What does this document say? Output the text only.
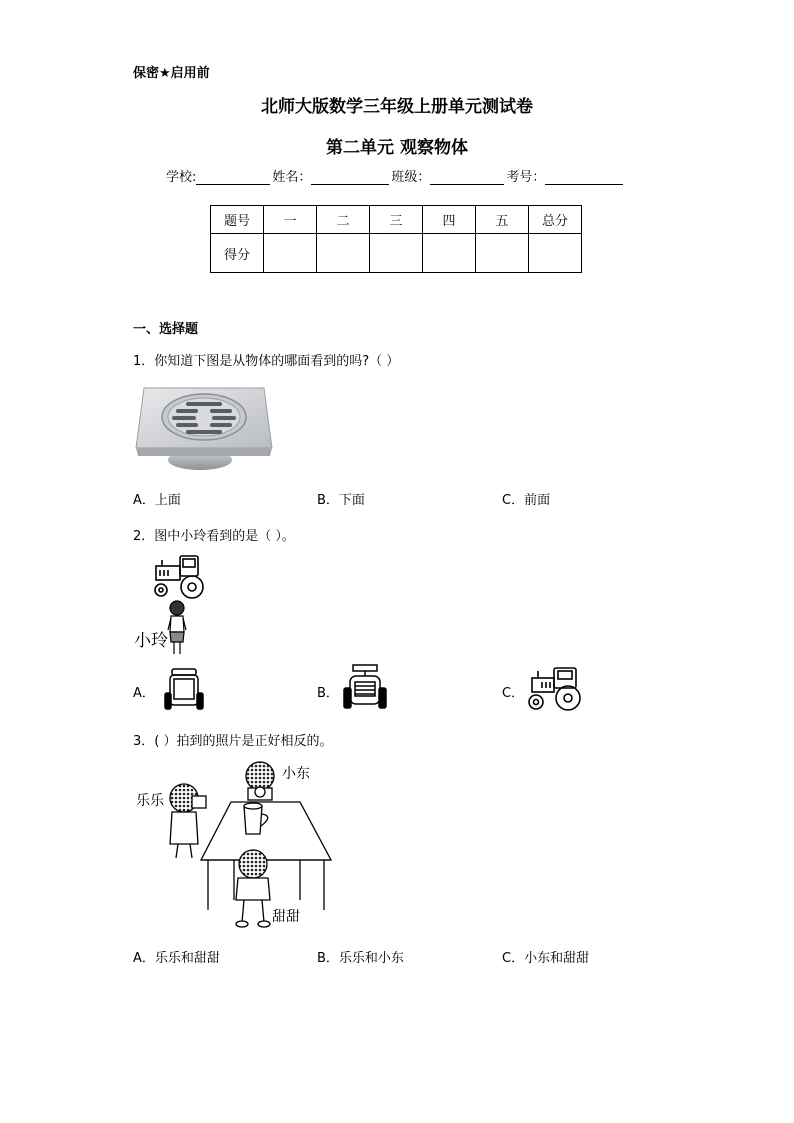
保密★启用前
北师大版数学三年级上册单元测试卷
第二单元 观察物体
学校:	姓名：	班级：	考号：
题号	一	二	三	四	五	总分
得分						
一、选择题
1．你知道下图是从物体的哪面看到的吗?（ ）
A．上面	B．下面	C．前面
2．图中小玲看到的是（ ）。
小玲
A．	B．	C．
3．( ）拍到的照片是正好相反的。
小东
乐乐
甜甜
A．乐乐和甜甜	B．乐乐和小东	C．小东和甜甜
